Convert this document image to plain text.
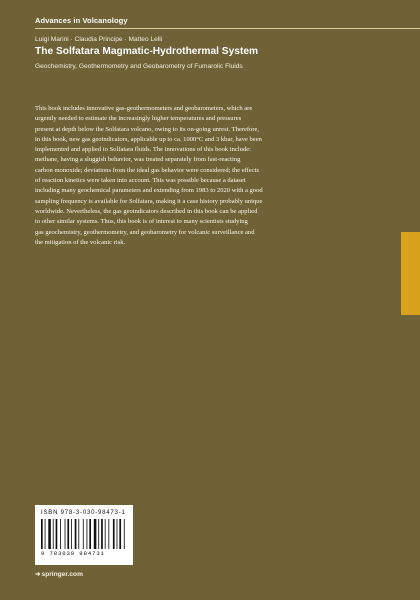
Advances in Volcanology
Luigi Marini · Claudia Principe · Matteo Lelli
The Solfatara Magmatic-Hydrothermal System
Geochemistry, Geothermometry and Geobarometry of Fumarolic Fluids

This book includes innovative gas-geothermometers and geobarometers, which are
urgently needed to estimate the increasingly higher temperatures and pressures
present at depth below the Solfatara volcano, owing to its on-going unrest. Therefore,
in this book, new gas geoindicators, applicable up to ca. 1000°C and 3 kbar, have been
implemented and applied to Solfatara fluids. The innovations of this book include:
methane, having a sluggish behavior, was treated separately from fast-reacting
carbon monoxide; deviations from the ideal gas behavior were considered; the effects
of reaction kinetics were taken into account. This was possible because a dataset
including many geochemical parameters and extending from 1983 to 2020 with a good
sampling frequency is available for Solfatara, making it a case history probably unique
worldwide. Nevertheless, the gas geoindicators described in this book can be applied
to other similar systems. Thus, this book is of interest to many scientists studying
gas geochemistry, geothermometry, and geobarometry for volcanic surveillance and
the mitigation of the volcanic risk.

ISBN 978-3-030-98473-1
9 783030 984731
➜springer.com
